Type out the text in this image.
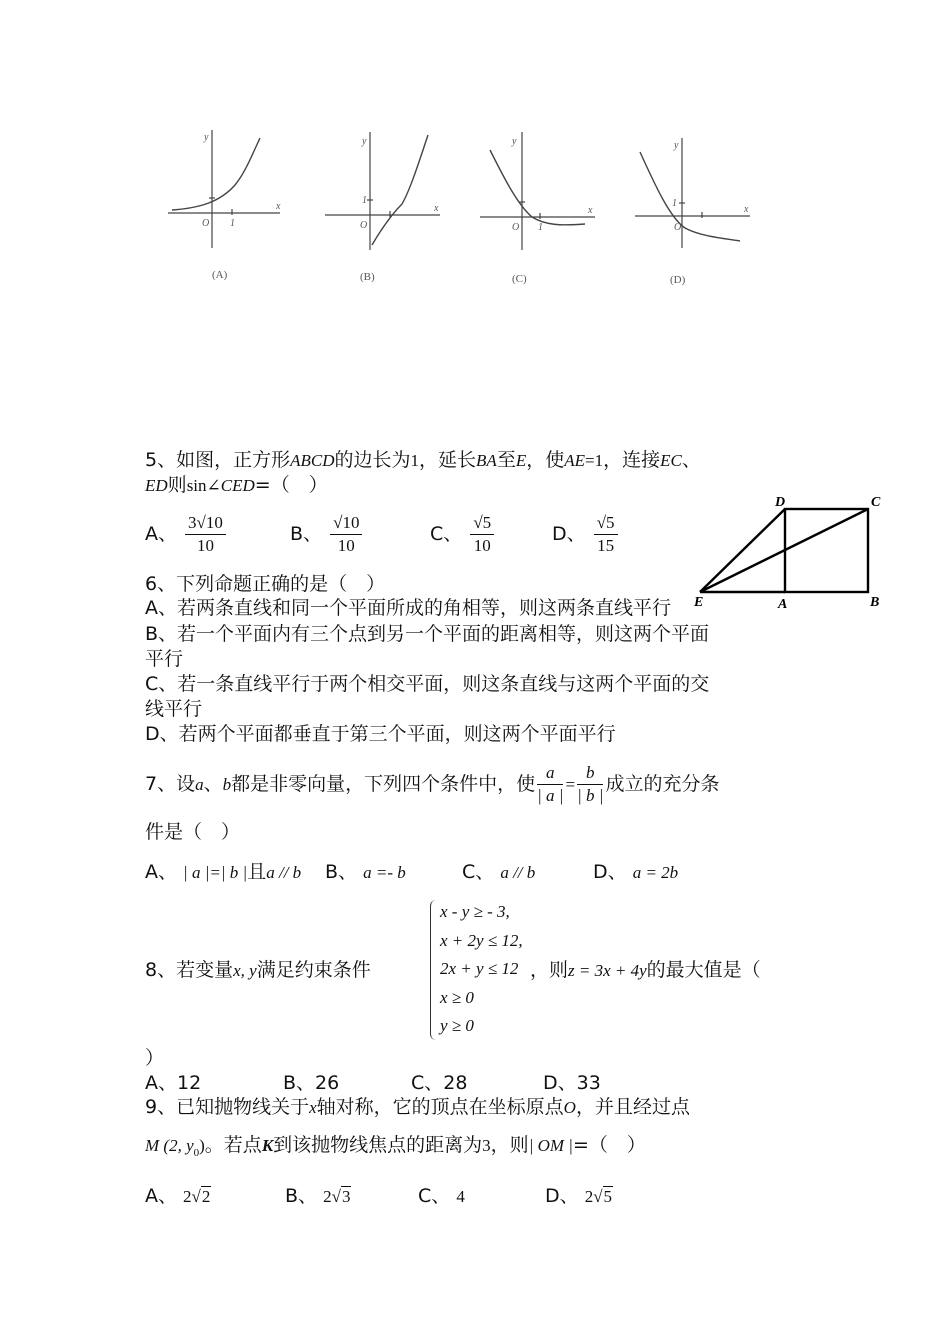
y
x
O 1
y
x
O
1
y
x
O 1
y
x
O
1
(A)	(B)	(C)	(D)
5、如图，正方形ABCD的边长为1，延长BA至E，使AE=1，连接EC、
ED则sin∠CED=（　）
A、 $\frac{3√10}{10}$	B、 $\frac{√10}{10}$	C、 $\frac{√5}{10}$	D、 $\frac{√5}{15}$
D	C
E	A	B
6、下列命题正确的是（　）
A、若两条直线和同一个平面所成的角相等，则这两条直线平行
B、若一个平面内有三个点到另一个平面的距离相等，则这两个平面
平行
C、若一条直线平行于两个相交平面，则这条直线与这两个平面的交
线平行
D、若两个平面都垂直于第三个平面，则这两个平面平行
7、设a、b都是非零向量，下列四个条件中，使 $\frac{a}{| a |} = \frac{b}{| b |}$ 成立的充分条
件是（　）
A、 | a |=| b |且a // b B、 a =- b	C、 a // b	D、 a = 2b
8、若变量x, y满足约束条件
x - y ≥ - 3,
x + 2y ≤ 12,
2x + y ≤ 12
x ≥ 0
y ≥ 0
，则z = 3x + 4y的最大值是（
）
A、12	B、26	C、28	D、33
9、已知抛物线关于x轴对称，它的顶点在坐标原点O，并且经过点
M (2, $y_0$)。若点K到该抛物线焦点的距离为3，则| OM |=（　）
A、 2√2	B、 2√3	C、 4	D、 2√5
